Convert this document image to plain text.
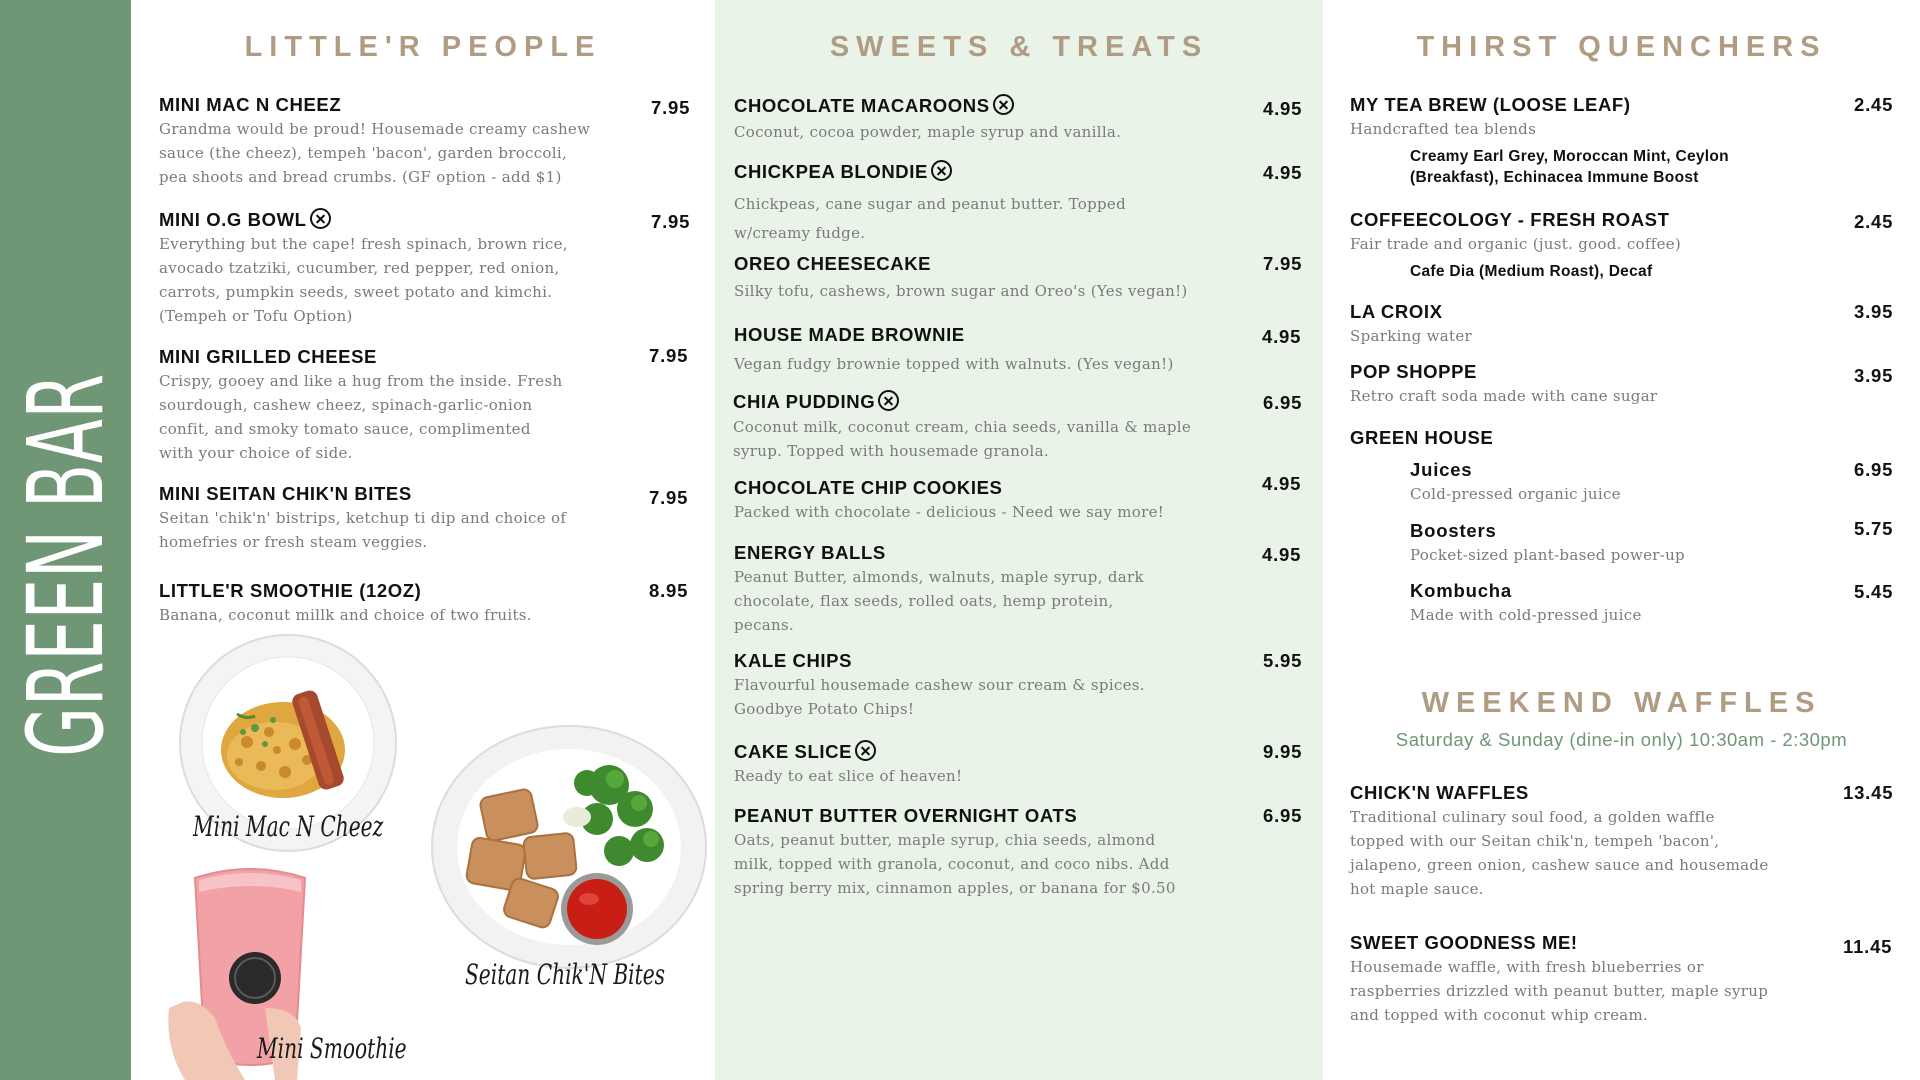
GREEN BAR
LITTLE'R PEOPLE
MINI MAC N CHEEZ
Grandma would be proud! Housemade creamy cashew
sauce (the cheez), tempeh 'bacon', garden broccoli,
pea shoots and bread crumbs. (GF option - add $1)
7.95
MINI O.G BOWL
Everything but the cape! fresh spinach, brown rice,
avocado tzatziki, cucumber, red pepper, red onion,
carrots, pumpkin seeds, sweet potato and kimchi.
(Tempeh or Tofu Option)
7.95
MINI GRILLED CHEESE
Crispy, gooey and like a hug from the inside. Fresh
sourdough, cashew cheez, spinach-garlic-onion
confit, and smoky tomato sauce, complimented
with your choice of side.
7.95
MINI SEITAN CHIK'N BITES
Seitan 'chik'n' bistrips, ketchup ti dip and choice of
homefries or fresh steam veggies.
7.95
LITTLE'R SMOOTHIE (12OZ)
Banana, coconut millk and choice of two fruits.
8.95
Mini Mac N Cheez
Seitan Chik'N Bites
Mini Smoothie
SWEETS & TREATS
CHOCOLATE MACAROONS
Coconut, cocoa powder, maple syrup and vanilla.
4.95
CHICKPEA BLONDIE
Chickpeas, cane sugar and peanut butter. Topped
w/creamy fudge.
4.95
OREO CHEESECAKE
Silky tofu, cashews, brown sugar and Oreo's (Yes vegan!)
7.95
HOUSE MADE BROWNIE
Vegan fudgy brownie topped with walnuts. (Yes vegan!)
4.95
CHIA PUDDING
Coconut milk, coconut cream, chia seeds, vanilla & maple
syrup. Topped with housemade granola.
6.95
CHOCOLATE CHIP COOKIES
Packed with chocolate - delicious - Need we say more!
4.95
ENERGY BALLS
Peanut Butter, almonds, walnuts, maple syrup, dark
chocolate, flax seeds, rolled oats, hemp protein,
pecans.
4.95
KALE CHIPS
Flavourful housemade cashew sour cream & spices.
Goodbye Potato Chips!
5.95
CAKE SLICE
Ready to eat slice of heaven!
9.95
PEANUT BUTTER OVERNIGHT OATS
Oats, peanut butter, maple syrup, chia seeds, almond
milk, topped with granola, coconut, and coco nibs. Add
spring berry mix, cinnamon apples, or banana for $0.50
6.95
THIRST QUENCHERS
MY TEA BREW (LOOSE LEAF)
Handcrafted tea blends
Creamy Earl Grey, Moroccan Mint, Ceylon
(Breakfast), Echinacea Immune Boost
2.45
COFFEECOLOGY - FRESH ROAST
Fair trade and organic (just. good. coffee)
Cafe Dia (Medium Roast), Decaf
2.45
LA CROIX
Sparking water
3.95
POP SHOPPE
Retro craft soda made with cane sugar
3.95
GREEN HOUSE
Juices
Cold-pressed organic juice
6.95
Boosters
Pocket-sized plant-based power-up
5.75
Kombucha
Made with cold-pressed juice
5.45
WEEKEND WAFFLES
Saturday & Sunday (dine-in only) 10:30am - 2:30pm
CHICK'N WAFFLES
Traditional culinary soul food, a golden waffle
topped with our Seitan chik'n, tempeh 'bacon',
jalapeno, green onion, cashew sauce and housemade
hot maple sauce.
13.45
SWEET GOODNESS ME!
Housemade waffle, with fresh blueberries or
raspberries drizzled with peanut butter, maple syrup
and topped with coconut whip cream.
11.45
